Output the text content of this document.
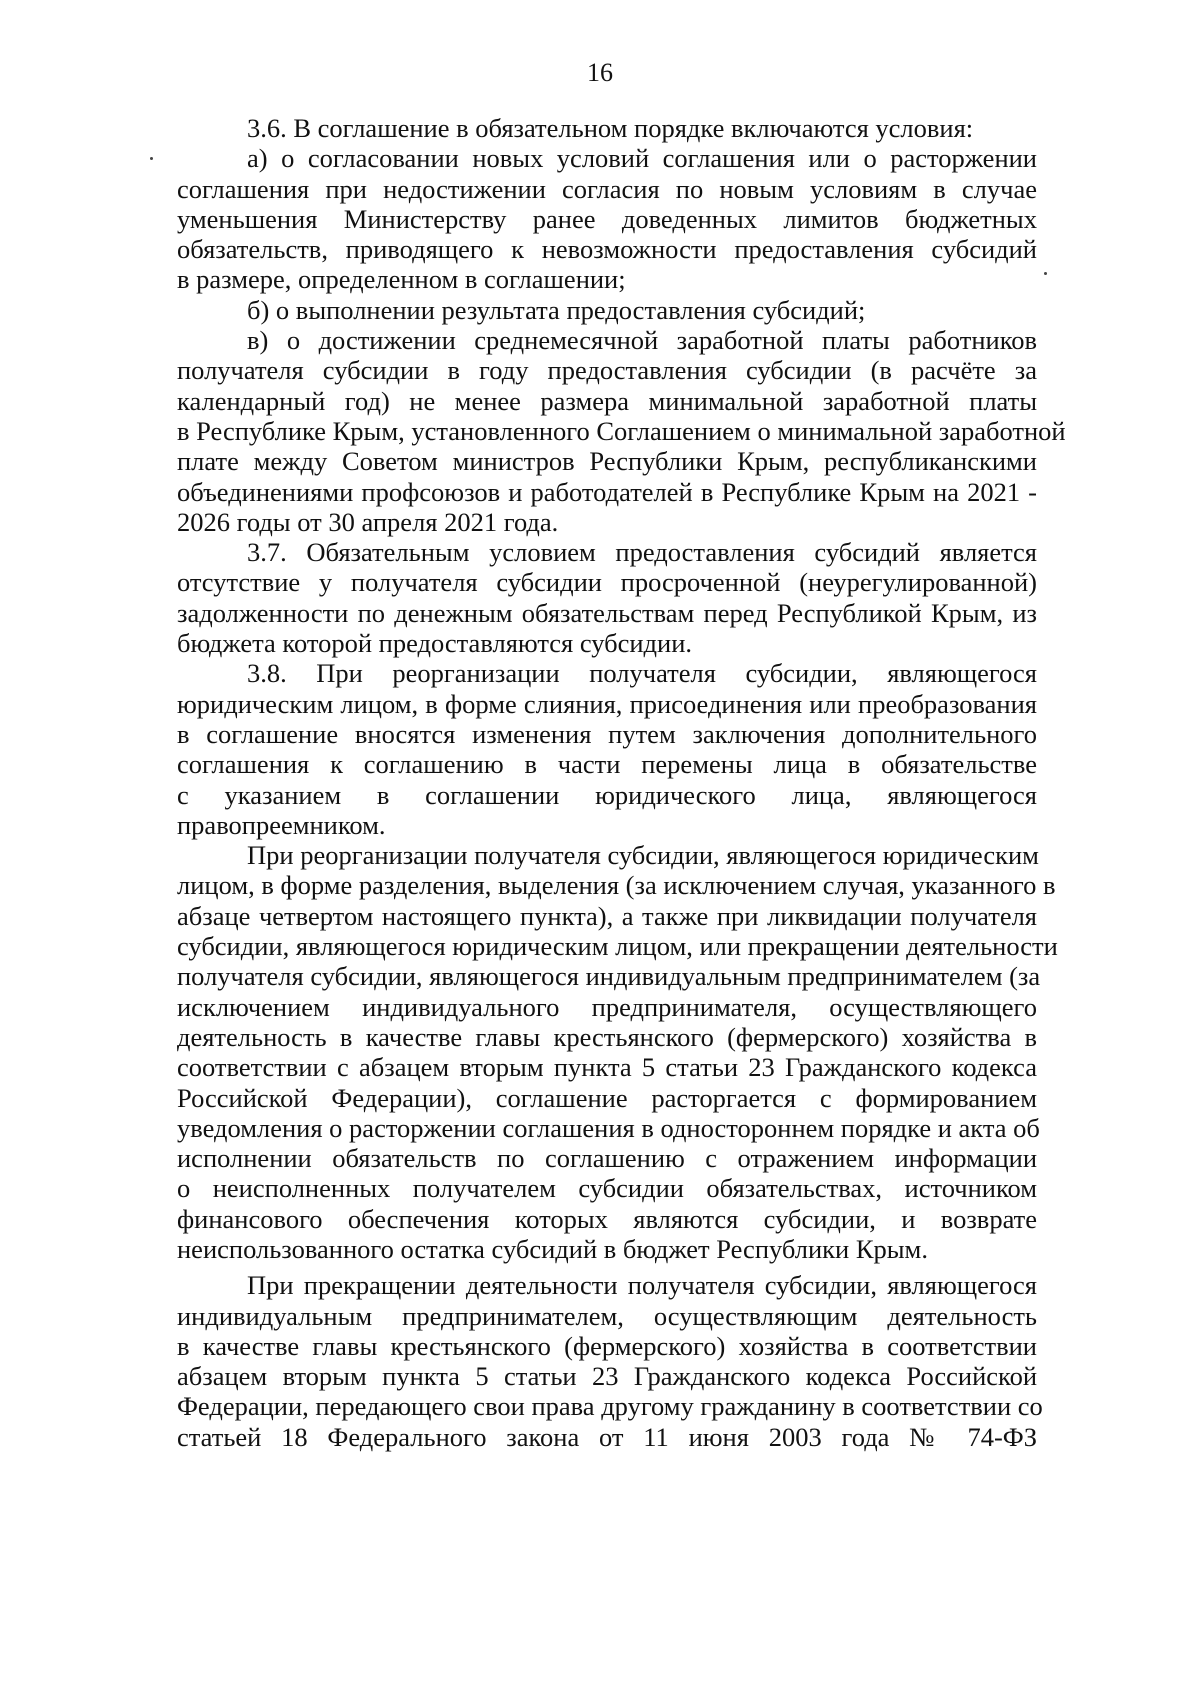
16
3.6. В соглашение в обязательном порядке включаются условия:
а) о согласовании новых условий соглашения или о расторжении
соглашения при недостижении согласия по новым условиям в случае
уменьшения Министерству ранее доведенных лимитов бюджетных
обязательств, приводящего к невозможности предоставления субсидий
в размере, определенном в соглашении;
б) о выполнении результата предоставления субсидий;
в) о достижении среднемесячной заработной платы работников
получателя субсидии в году предоставления субсидии (в расчёте за
календарный год) не менее размера минимальной заработной платы
в Республике Крым, установленного Соглашением о минимальной заработной
плате между Советом министров Республики Крым, республиканскими
объединениями профсоюзов и работодателей в Республике Крым на 2021 -
2026 годы от 30 апреля 2021 года.
3.7. Обязательным условием предоставления субсидий является
отсутствие у получателя субсидии просроченной (неурегулированной)
задолженности по денежным обязательствам перед Республикой Крым, из
бюджета которой предоставляются субсидии.
3.8. При реорганизации получателя субсидии, являющегося
юридическим лицом, в форме слияния, присоединения или преобразования
в соглашение вносятся изменения путем заключения дополнительного
соглашения к соглашению в части перемены лица в обязательстве
с указанием в соглашении юридического лица, являющегося
правопреемником.
При реорганизации получателя субсидии, являющегося юридическим
лицом, в форме разделения, выделения (за исключением случая, указанного в
абзаце четвертом настоящего пункта), а также при ликвидации получателя
субсидии, являющегося юридическим лицом, или прекращении деятельности
получателя субсидии, являющегося индивидуальным предпринимателем (за
исключением индивидуального предпринимателя, осуществляющего
деятельность в качестве главы крестьянского (фермерского) хозяйства в
соответствии с абзацем вторым пункта 5 статьи 23 Гражданского кодекса
Российской Федерации), соглашение расторгается с формированием
уведомления о расторжении соглашения в одностороннем порядке и акта об
исполнении обязательств по соглашению с отражением информации
о неисполненных получателем субсидии обязательствах, источником
финансового обеспечения которых являются субсидии, и возврате
неиспользованного остатка субсидий в бюджет Республики Крым.
При прекращении деятельности получателя субсидии, являющегося
индивидуальным предпринимателем, осуществляющим деятельность
в качестве главы крестьянского (фермерского) хозяйства в соответствии
абзацем вторым пункта 5 статьи 23 Гражданского кодекса Российской
Федерации, передающего свои права другому гражданину в соответствии со
статьей 18 Федерального закона от 11 июня 2003 года № 74-ФЗ
